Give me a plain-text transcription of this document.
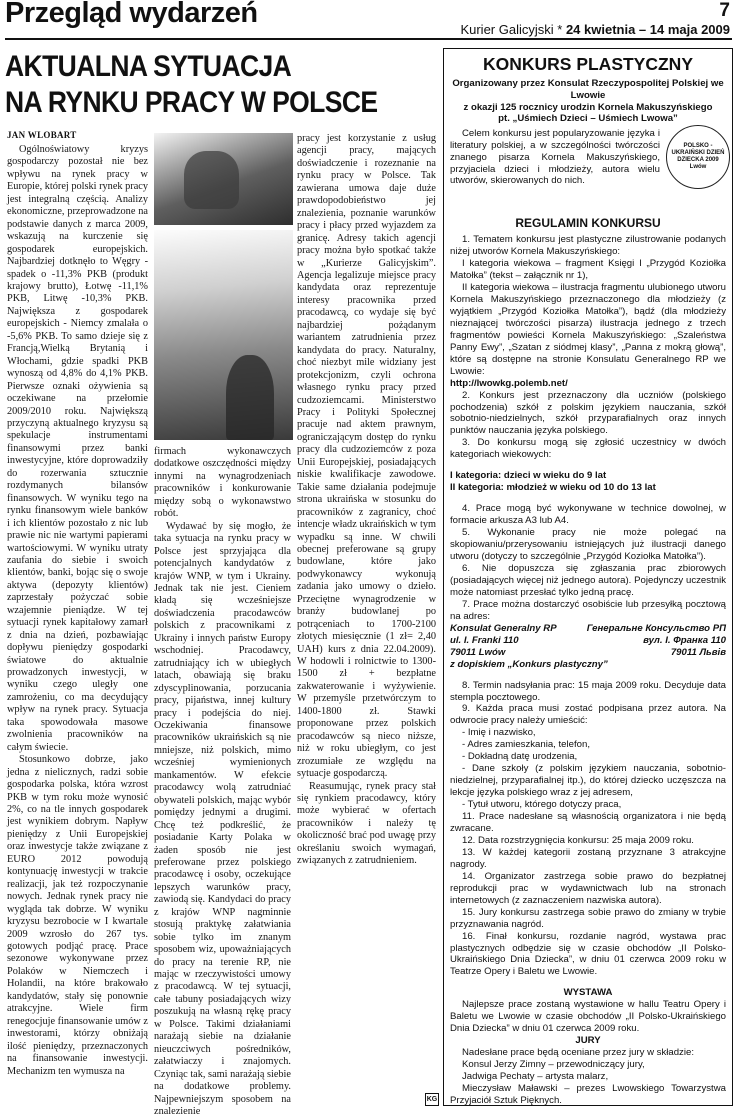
Przegląd wydarzeń	7
Kurier Galicyjski * 24 kwietnia – 14 maja 2009
AKTUALNA SYTUACJA
NA RYNKU PRACY W POLSCE
JAN WLOBART

Ogólnoświatowy kryzys gospodarczy pozostał nie bez wpływu na rynek pracy w Europie, której polski rynek pracy jest integralną częścią. Analizy ekonomiczne, przeprowadzone na podstawie danych z marca 2009, wskazują na kurczenie się gospodarek europejskich. Najbardziej dotknęło to Węgry - spadek o -11,3% PKB (produkt krajowy brutto), Łotwę -11,1% PKB, Litwę -10,3% PKB. Największa z gospodarek europejskich - Niemcy zmalała o -5,6% PKB. To samo dzieje się z Francją,Wielką Brytanią i Włochami, gdzie spadki PKB wynoszą od 4,8% do 4,1% PKB. Pierwsze oznaki ożywienia są oczekiwane na przełomie 2009/2010 roku. Największą przyczyną aktualnego kryzysu są spekulacje instrumentami finansowymi przez banki inwestycyjne, które doprowadziły do rozerwania sztucznie rozdymanych bilansów finansowych. W wyniku tego na rynku finansowym wiele banków i ich klientów pozostało z nic lub prawie nic nie wartymi papierami wartościowymi. W wyniku utraty zaufania do siebie i swoich klientów, banki, bojąc się o swoje aktywa (depozyty klientów) zaprzestały pożyczać sobie wzajemnie pieniądze. W tej sytuacji rynek kapitałowy zamarł z dnia na dzień, pozbawiając dopływu pieniędzy gospodarki światowe do aktualnie prowadzonych inwestycji, w wyniku czego uległy one zamrożeniu, co ma decydujący wpływ na rynek pracy. Sytuacja taka spowodowała masowe zwolnienia pracowników na całym świecie.

Stosunkowo dobrze, jako jedna z nielicznych, radzi sobie gospodarka polska, która wzrost PKB w tym roku może wynosić 2%, co na tle innych gospodarek jest wynikiem dobrym. Napływ pieniędzy z Unii Europejskiej oraz inwestycje także związane z EURO 2012 powodują kontynuację inwestycji w trakcie realizacji, jak też rozpoczynanie nowych. Jednak rynek pracy nie wygląda tak dobrze. W wyniku kryzysu bezrobocie w I kwartale 2009 wzrosło do 267 tys. gotowych podjąć pracę. Prace sezonowe wykonywane przez Polaków w Niemczech i Holandii, na które brakowało kandydatów, stały się ponownie atrakcyjne. Wiele firm renegocjuje finansowanie umów z inwestorami, którzy obniżają ilość pieniędzy, przeznaczonych na finansowanie inwestycji. Mechanizm ten wymusza na

firmach wykonawczych dodatkowe oszczędności między innymi na wynagrodzeniach pracowników i konkurowanie między sobą o wykonawstwo robót.

Wydawać by się mogło, że taka sytuacja na rynku pracy w Polsce jest sprzyjająca dla potencjalnych kandydatów z krajów WNP, w tym i Ukrainy. Jednak tak nie jest. Cieniem kładą się wcześniejsze doświadczenia pracodawców polskich z pracownikami z Ukrainy i innych państw Europy wschodniej. Pracodawcy, zatrudniający ich w ubiegłych latach, obawiają się braku zdyscyplinowania, porzucania pracy, pijaństwa, innej kultury pracy i podejścia do niej. Oczekiwania finansowe pracowników ukraińskich są nie mniejsze, niż polskich, mimo wcześniej wymienionych mankamentów. W efekcie pracodawcy wolą zatrudniać obywateli polskich, mając wybór pomiędzy jednymi a drugimi. Chcę też podkreślić, że posiadanie Karty Polaka w żaden sposób nie jest preferowane przez polskiego pracodawcę i osoby, oczekujące lepszych warunków pracy, zawiodą się. Kandydaci do pracy z krajów WNP nagminnie stosują praktykę załatwiania sobie tylko im znanym sposobem wiz, upoważniających do pracy na terenie RP, nie mając w rzeczywistości umowy z pracodawcą. W tej sytuacji, całe tabuny posiadających wizy poszukują na własną rękę pracy w Polsce. Takimi działaniami narażają siebie na działanie nieuczciwych pośredników, załatwiaczy i znajomych. Czyniąc tak, sami narażają siebie na dodatkowe problemy. Najpewniejszym sposobem na znalezienie

pracy jest korzystanie z usług agencji pracy, mających doświadczenie i rozeznanie na rynku pracy w Polsce. Tak zawierana umowa daje duże prawdopodobieństwo jej znalezienia, poznanie warunków pracy i płacy przed wyjazdem za granicę. Adresy takich agencji pracy można było spotkać także w „Kurierze Galicyjskim”. Agencja legalizuje miejsce pracy kandydata oraz reprezentuje interesy pracownika przed pracodawcą, co wydaje się być najbardziej pożądanym wariantem zatrudnienia przez kandydata do pracy. Naturalny, choć niezbyt mile widziany jest protekcjonizm, czyli ochrona własnego rynku pracy przed cudzoziemcami. Ministerstwo Pracy i Polityki Społecznej pracuje nad aktem prawnym, ograniczającym dostęp do rynku pracy dla cudzoziemców z poza Unii Europejskiej, posiadających niskie kwalifikacje zawodowe. Takie same działania podejmuje strona ukraińska w stosunku do pracowników z zagranicy, choć intencje władz ukraińskich w tym wypadku są inne. W chwili obecnej preferowane są grupy budowlane, które jako podwykonawcy wykonują zadania jako umowy o dzieło. Przeciętne wynagrodzenie w branży budowlanej po potrąceniach to 1700-2100 złotych miesięcznie (1 zł= 2,40 UAH) kurs z dnia 22.04.2009). W hodowli i rolnictwie to 1300-1500 zł + bezpłatne zakwaterowanie i wyżywienie. W przemyśle przetwórczym to 1400-1800 zł. Stawki proponowane przez polskich pracodawców są nieco niższe, niż w roku ubiegłym, co jest zrozumiałe ze względu na sytuacje gospodarczą.

Reasumując, rynek pracy stał się rynkiem pracodawcy, który może wybierać w ofertach pracowników i należy tę okoliczność brać pod uwagę przy określaniu swoich wymagań, związanych z zatrudnieniem.

KG
KONKURS PLASTYCZNY
Organizowany przez Konsulat Rzeczypospolitej Polskiej we Lwowie
z okazji 125 rocznicy urodzin Kornela Makuszyńskiego
pt. „Uśmiech Dzieci – Uśmiech Lwowa”
Celem konkursu jest popularyzowanie języka i literatury polskiej, a w szczególności twórczości znanego pisarza Kornela Makuszyńskiego, przyjaciela dzieci i młodzieży, autora wielu utworów, skierowanych do nich.
POLSKO - UKRAIŃSKI DZIEŃ DZIECKA 2009
Lwów
REGULAMIN KONKURSU

1. Tematem konkursu jest plastyczne zilustrowanie podanych niżej utworów Kornela Makuszyńskiego:

I kategoria wiekowa – fragment Księgi I „Przygód Koziołka Matołka” (tekst – załącznik nr 1),

II kategoria wiekowa – ilustracja fragmentu ulubionego utworu Kornela Makuszyńskiego przeznaczonego dla młodzieży (z wyjątkiem „Przygód Koziołka Matołka”), bądź (dla młodzieży nieznającej twórczości pisarza) ilustracja jednego z trzech fragmentów powieści Kornela Makuszyńskiego: „Szaleństwa Panny Ewy”, „Szatan z siódmej klasy”, „Panna z mokrą głową”, które są dostępne na stronie Konsulatu Generalnego RP we Lwowie:

http://lwowkg.polemb.net/

2. Konkurs jest przeznaczony dla uczniów (polskiego pochodzenia) szkół z polskim językiem nauczania, szkół sobotnio-niedzielnych, szkół przyparafialnych oraz innych punktów nauczania języka polskiego.

3. Do konkursu mogą się zgłosić uczestnicy w dwóch kategoriach wiekowych:

I kategoria: dzieci w wieku do 9 lat

II kategoria: młodzież w wieku od 10 do 13 lat

4. Prace mogą być wykonywane w technice dowolnej, w formacie arkusza A3 lub A4.

5. Wykonanie pracy nie może polegać na skopiowaniu/przerysowaniu istniejących już ilustracji danego utworu (dotyczy to szczególnie „Przygód Koziołka Matołka”).

6. Nie dopuszcza się zgłaszania prac zbiorowych (posiadających więcej niż jednego autora). Pojedynczy uczestnik może natomiast przesłać tylko jedną pracę.

7. Prace można dostarczyć osobiście lub przesyłką pocztową na adres:

Konsulat Generalny RP
ul. I. Franki 110
79011 Lwów
Генеральне Консульство РП
вул. І. Франка 110
79011 Львів

z dopiskiem „Konkurs plastyczny”

8. Termin nadsyłania prac: 15 maja 2009 roku. Decyduje data stempla pocztowego.

9. Każda praca musi zostać podpisana przez autora. Na odwrocie pracy należy umieścić:

- Imię i nazwisko,

- Adres zamieszkania, telefon,

- Dokładną datę urodzenia,

- Dane szkoły (z polskim językiem nauczania, sobotnio-niedzielnej, przyparafialnej itp.), do której dziecko uczęszcza na lekcje języka polskiego wraz z jej adresem,

- Tytuł utworu, którego dotyczy praca,

11. Prace nadesłane są własnością organizatora i nie będą zwracane.

12. Data rozstrzygnięcia konkursu: 25 maja 2009 roku.

13. W każdej kategorii zostaną przyznane 3 atrakcyjne nagrody.

14. Organizator zastrzega sobie prawo do bezpłatnej reprodukcji prac w wydawnictwach lub na stronach internetowych (z zaznaczeniem nazwiska autora).

15. Jury konkursu zastrzega sobie prawo do zmiany w trybie przyznawania nagród.

16. Finał konkursu, rozdanie nagród, wystawa prac plastycznych odbędzie się w czasie obchodów „II Polsko-Ukraińskiego Dnia Dziecka”, w dniu 01 czerwca 2009 roku w Teatrze Opery i Baletu we Lwowie.

WYSTAWA

Najlepsze prace zostaną wystawione w hallu Teatru Opery i Baletu we Lwowie w czasie obchodów „II Polsko-Ukraińskiego Dnia Dziecka” w dniu 01 czerwca 2009 roku.

JURY

Nadesłane prace będą oceniane przez jury w składzie:

Konsul Jerzy Zimny – przewodniczący jury,

Jadwiga Pechaty – artysta malarz,

Mieczysław Maławski – prezes Lwowskiego Towarzystwa Przyjaciół Sztuk Pięknych.
